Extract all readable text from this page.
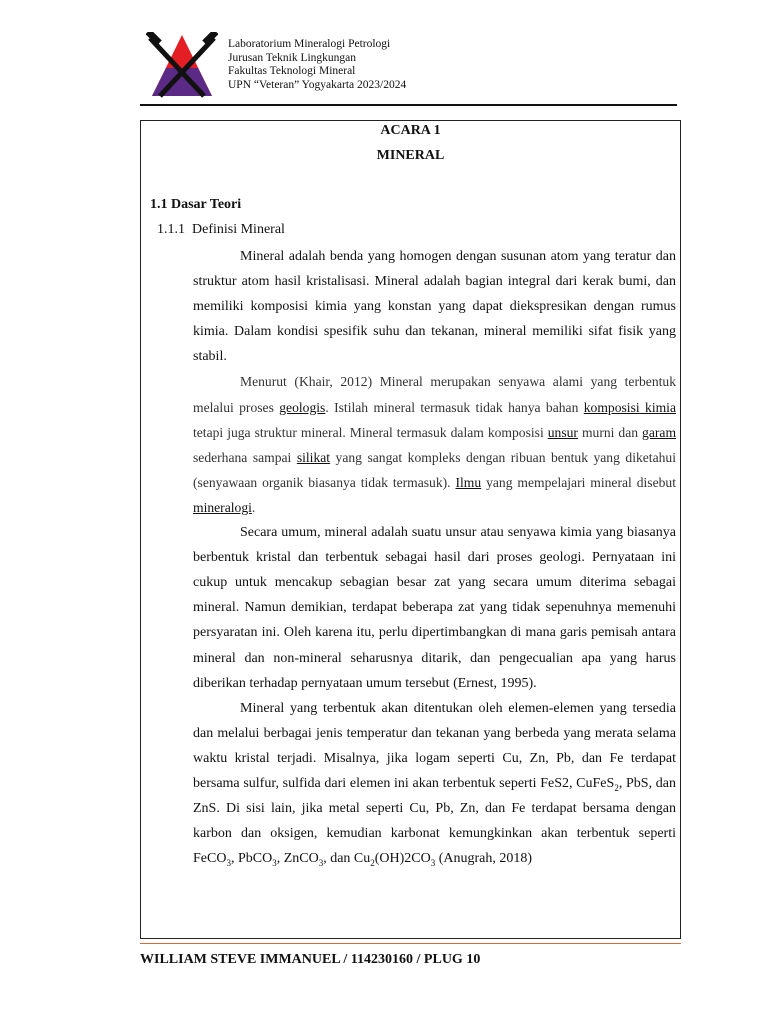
Laboratorium Mineralogi Petrologi
Jurusan Teknik Lingkungan
Fakultas Teknologi Mineral
UPN “Veteran” Yogyakarta 2023/2024
ACARA 1
MINERAL
1.1 Dasar Teori
1.1.1 Definisi Mineral

Mineral adalah benda yang homogen dengan susunan atom yang teratur dan struktur atom hasil kristalisasi. Mineral adalah bagian integral dari kerak bumi, dan memiliki komposisi kimia yang konstan yang dapat diekspresikan dengan rumus kimia. Dalam kondisi spesifik suhu dan tekanan, mineral memiliki sifat fisik yang stabil.

Menurut (Khair, 2012) Mineral merupakan senyawa alami yang terbentuk melalui proses geologis. Istilah mineral termasuk tidak hanya bahan komposisi kimia tetapi juga struktur mineral. Mineral termasuk dalam komposisi unsur murni dan garam sederhana sampai silikat yang sangat kompleks dengan ribuan bentuk yang diketahui (senyawaan organik biasanya tidak termasuk). Ilmu yang mempelajari mineral disebut mineralogi.

Secara umum, mineral adalah suatu unsur atau senyawa kimia yang biasanya berbentuk kristal dan terbentuk sebagai hasil dari proses geologi. Pernyataan ini cukup untuk mencakup sebagian besar zat yang secara umum diterima sebagai mineral. Namun demikian, terdapat beberapa zat yang tidak sepenuhnya memenuhi persyaratan ini. Oleh karena itu, perlu dipertimbangkan di mana garis pemisah antara mineral dan non-mineral seharusnya ditarik, dan pengecualian apa yang harus diberikan terhadap pernyataan umum tersebut (Ernest, 1995).

Mineral yang terbentuk akan ditentukan oleh elemen-elemen yang tersedia dan melalui berbagai jenis temperatur dan tekanan yang berbeda yang merata selama waktu kristal terjadi. Misalnya, jika logam seperti Cu, Zn, Pb, dan Fe terdapat bersama sulfur, sulfida dari elemen ini akan terbentuk seperti FeS2, CuFeS$_2$, PbS, dan ZnS. Di sisi lain, jika metal seperti Cu, Pb, Zn, dan Fe terdapat bersama dengan karbon dan oksigen, kemudian karbonat kemungkinkan akan terbentuk seperti FeCO$_3$, PbCO$_3$, ZnCO$_3$, dan $Cu_2(OH)2CO_3$ (Anugrah, 2018)

WILLIAM STEVE IMMANUEL / 114230160 / PLUG 10
